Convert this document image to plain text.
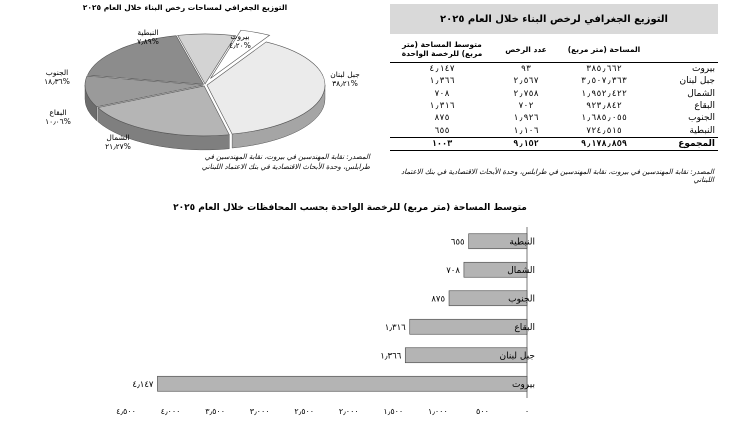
التوزيع الجغرافي لرخص البناء خلال العام ٢٠٢٥
	المساحة (متر مربع)	عدد الرخص	متوسط المساحة (متر مربع) للرخصة الواحدة
بيروت	٣٨٥٫٦٦٢	٩٣	٤٫١٤٧
جبل لبنان	٣٫٥٠٧٫٣٦٣	٢٫٥٦٧	١٫٣٦٦
الشمال	١٫٩٥٢٫٤٢٢	٢٫٧٥٨	٧٠٨
البقاع	٩٢٣٫٨٤٢	٧٠٢	١٫٣١٦
الجنوب	١٫٦٨٥٫٠٥٥	١٫٩٢٦	٨٧٥
النبطية	٧٢٤٫٥١٥	١٫١٠٦	٦٥٥
المجموع	٩٫١٧٨٫٨٥٩	٩٫١٥٢	١٠٠٣
المصدر: نقابة المهندسين في بيروت، نقابة المهندسين في طرابلس، وحدة الأبحاث الاقتصادية في بنك الاعتماد اللبناني
التوزيع الجغرافي لمساحات رخص البناء خلال العام ٢٠٢٥
بيروت
%٤٫٢٠
جبل لبنان
%٣٨٫٢١
الشمال
%٢١٫٢٧
البقاع
%١٠٫٠٦
الجنوب
%١٨٫٣٦
النبطية
%٧٫٨٩
المصدر: نقابة المهندسين في بيروت، نقابة المهندسين في طرابلس، وحدة الأبحاث الاقتصادية في بنك الاعتماد اللبناني
متوسط المساحة (متر مربع) للرخصة الواحدة بحسب المحافظات خلال العام ٢٠٢٥
٦٥٥	النبطية
٧٠٨	الشمال
٨٧٥	الجنوب
١٫٣١٦	البقاع
١٫٣٦٦	جبل لبنان
٤٫١٤٧	بيروت
٠
٥٠٠
١٫٠٠٠
١٫٥٠٠
٢٫٠٠٠
٢٫٥٠٠
٣٫٠٠٠
٣٫٥٠٠
٤٫٠٠٠
٤٫٥٠٠
